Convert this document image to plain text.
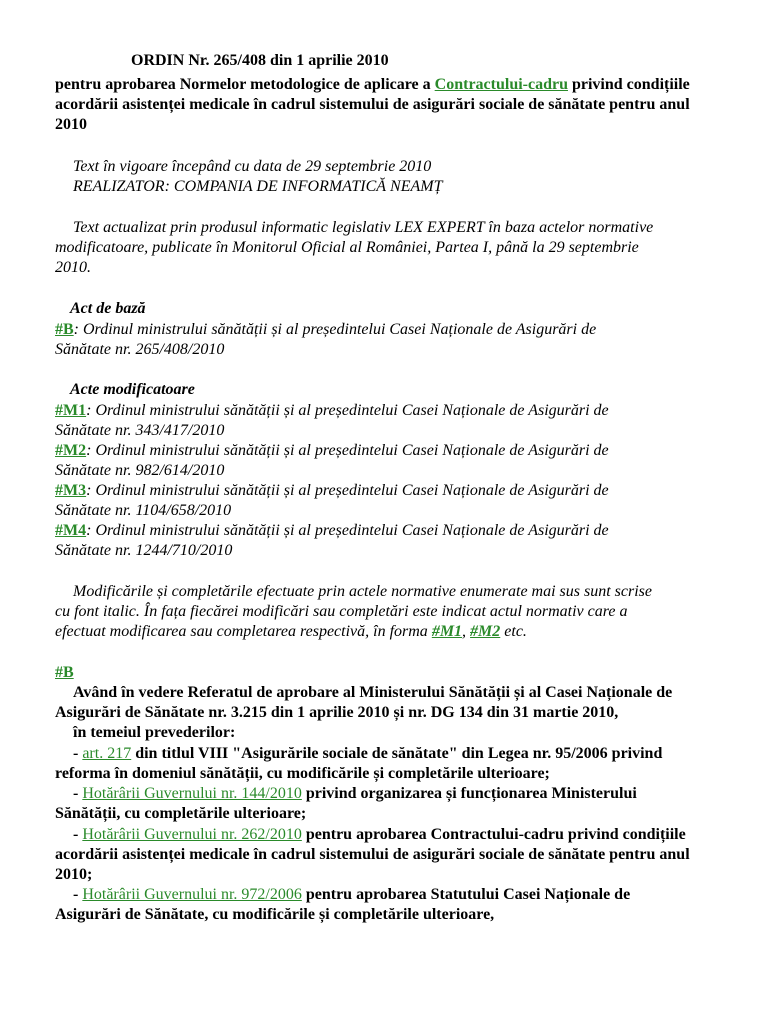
ORDIN Nr. 265/408 din 1 aprilie 2010
pentru aprobarea Normelor metodologice de aplicare a Contractului-cadru privind condițiile
acordării asistenței medicale în cadrul sistemului de asigurări sociale de sănătate pentru anul
2010
Text în vigoare începând cu data de 29 septembrie 2010
REALIZATOR: COMPANIA DE INFORMATICĂ NEAMȚ
Text actualizat prin produsul informatic legislativ LEX EXPERT în baza actelor normative
modificatoare, publicate în Monitorul Oficial al României, Partea I, până la 29 septembrie
2010.
Act de bază
#B: Ordinul ministrului sănătății și al președintelui Casei Naționale de Asigurări de
Sănătate nr. 265/408/2010
Acte modificatoare
#M1: Ordinul ministrului sănătății și al președintelui Casei Naționale de Asigurări de
Sănătate nr. 343/417/2010
#M2: Ordinul ministrului sănătății și al președintelui Casei Naționale de Asigurări de
Sănătate nr. 982/614/2010
#M3: Ordinul ministrului sănătății și al președintelui Casei Naționale de Asigurări de
Sănătate nr. 1104/658/2010
#M4: Ordinul ministrului sănătății și al președintelui Casei Naționale de Asigurări de
Sănătate nr. 1244/710/2010
Modificările și completările efectuate prin actele normative enumerate mai sus sunt scrise
cu font italic. În fața fiecărei modificări sau completări este indicat actul normativ care a
efectuat modificarea sau completarea respectivă, în forma #M1, #M2 etc.
#B
Având în vedere Referatul de aprobare al Ministerului Sănătății și al Casei Naționale de
Asigurări de Sănătate nr. 3.215 din 1 aprilie 2010 și nr. DG 134 din 31 martie 2010,
în temeiul prevederilor:
- art. 217 din titlul VIII "Asigurările sociale de sănătate" din Legea nr. 95/2006 privind
reforma în domeniul sănătății, cu modificările și completările ulterioare;
- Hotărârii Guvernului nr. 144/2010 privind organizarea și funcționarea Ministerului
Sănătății, cu completările ulterioare;
- Hotărârii Guvernului nr. 262/2010 pentru aprobarea Contractului-cadru privind condițiile
acordării asistenței medicale în cadrul sistemului de asigurări sociale de sănătate pentru anul
2010;
- Hotărârii Guvernului nr. 972/2006 pentru aprobarea Statutului Casei Naționale de
Asigurări de Sănătate, cu modificările și completările ulterioare,
